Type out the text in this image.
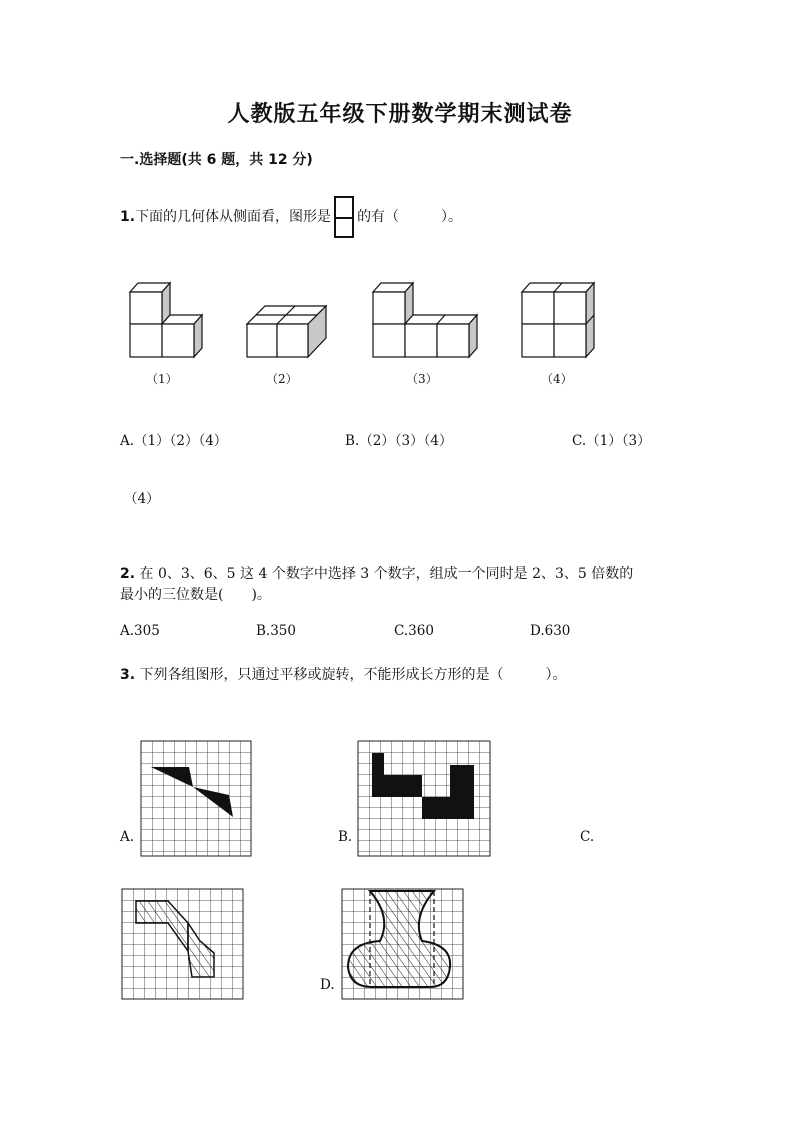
人教版五年级下册数学期末测试卷
一.选择题(共 6 题，共 12 分)
1.下面的几何体从侧面看，图形是 的有（　　　）。
（1）	（2）	（3）	（4）
A.（1）（2）（4）	B.（2）（3）（4）	C.（1）（3）
（4）
2. 在 0、3、6、5 这 4 个数字中选择 3 个数字，组成一个同时是 2、3、5 倍数的
最小的三位数是(　　)。
A.305	B.350	C.360	D.630
3. 下列各组图形，只通过平移或旋转，不能形成长方形的是（　　　）。
A.	B.	C.
D.
